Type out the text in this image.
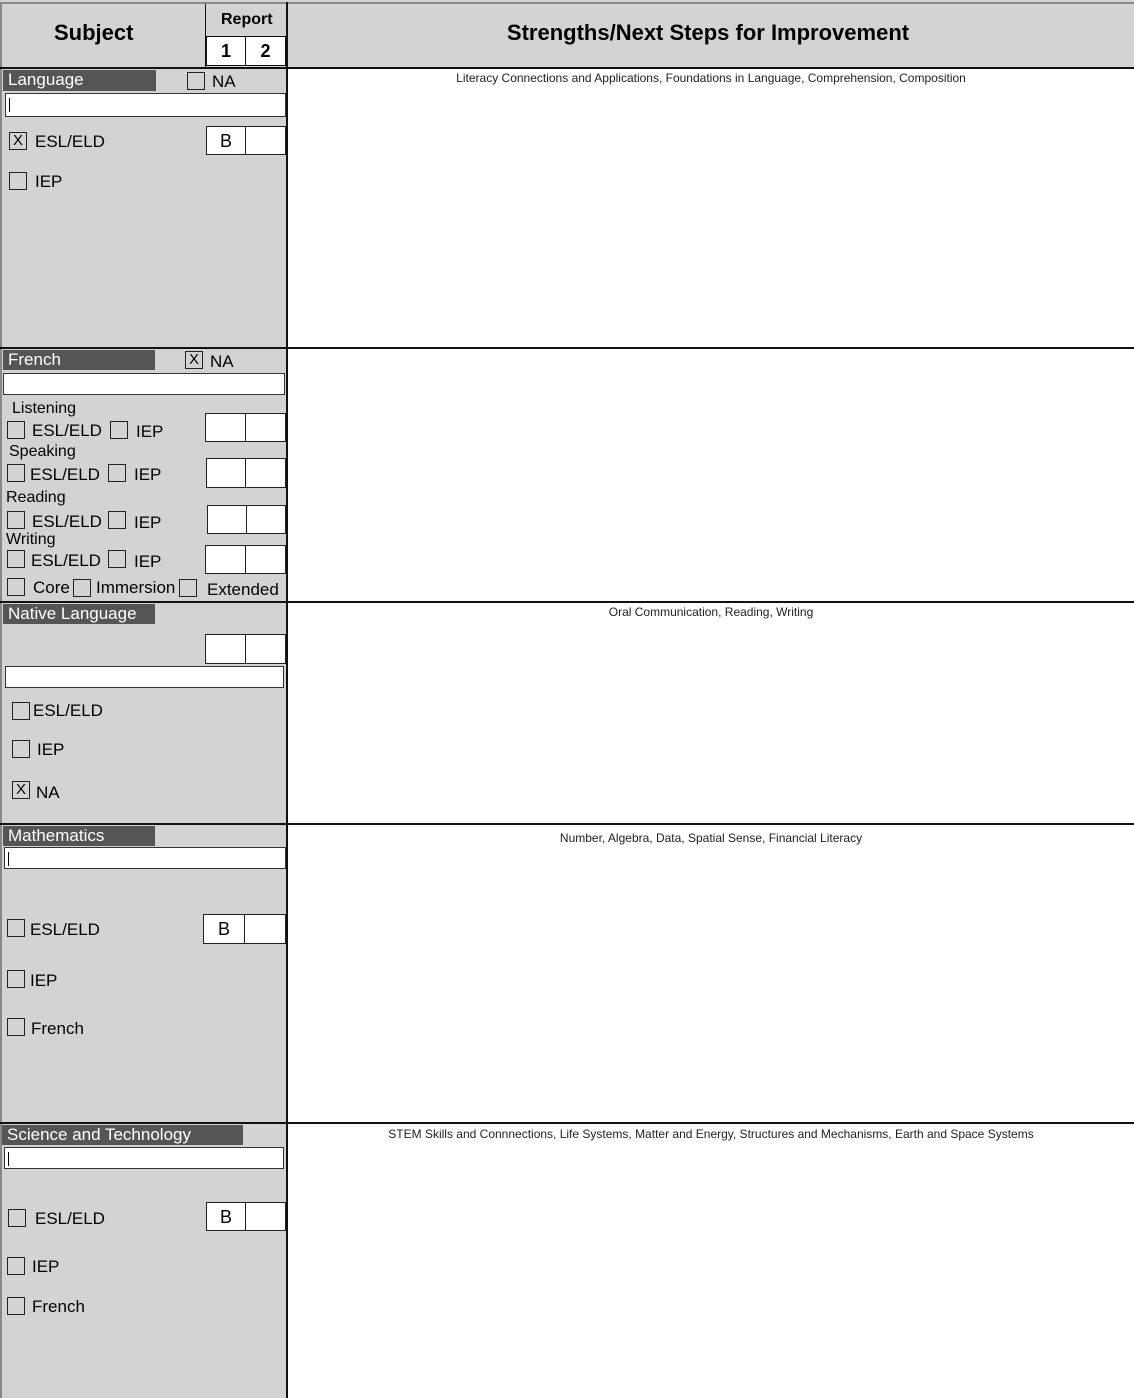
Subject
Report
1	2
Strengths/Next Steps for Improvement
Language	NA
X ESL/ELD	B
IEP
Literacy Connections and Applications, Foundations in Language, Comprehension, Composition
French	X NA
Listening
ESL/ELD IEP
Speaking
ESL/ELD IEP
Reading
ESL/ELD IEP
Writing
ESL/ELD IEP
Core Immersion Extended
Native Language
ESL/ELD
IEP
X NA
Oral Communication, Reading, Writing
Mathematics
ESL/ELD	B
IEP
French
Number, Algebra, Data, Spatial Sense, Financial Literacy
Science and Technology
ESL/ELD	B
IEP
French
STEM Skills and Connnections, Life Systems, Matter and Energy, Structures and Mechanisms, Earth and Space Systems
